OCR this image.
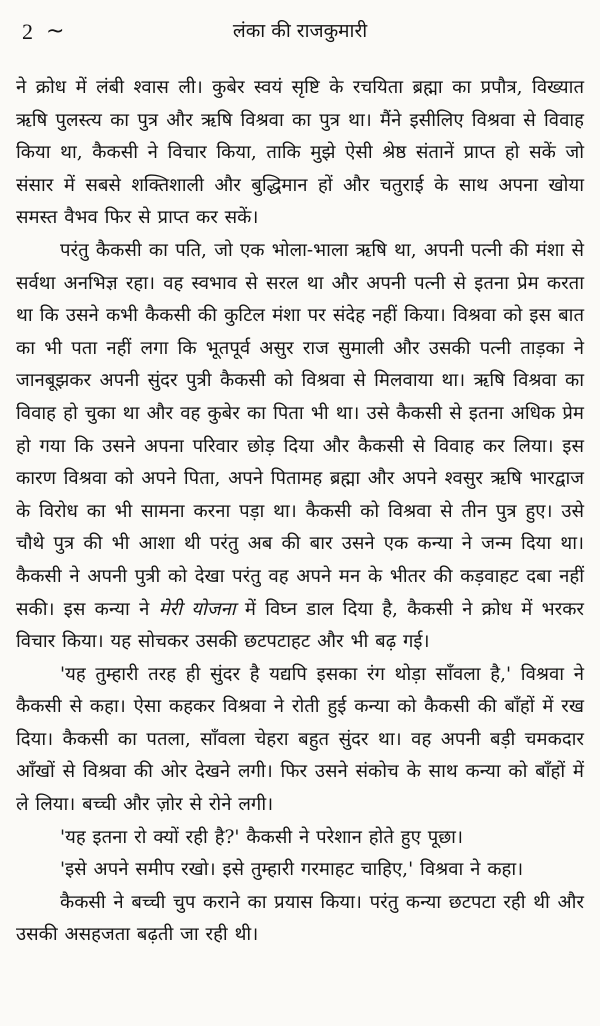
2 ~	लंका की राजकुमारी

ने क्रोध में लंबी श्वास ली। कुबेर स्वयं सृष्टि के रचयिता ब्रह्मा का प्रपौत्र, विख्यात ऋषि पुलस्त्य का पुत्र और ऋषि विश्रवा का पुत्र था। मैंने इसीलिए विश्रवा से विवाह किया था, कैकसी ने विचार किया, ताकि मुझे ऐसी श्रेष्ठ संतानें प्राप्त हो सकें जो संसार में सबसे शक्तिशाली और बुद्धिमान हों और चतुराई के साथ अपना खोया समस्त वैभव फिर से प्राप्त कर सकें।

परंतु कैकसी का पति, जो एक भोला-भाला ऋषि था, अपनी पत्नी की मंशा से सर्वथा अनभिज्ञ रहा। वह स्वभाव से सरल था और अपनी पत्नी से इतना प्रेम करता था कि उसने कभी कैकसी की कुटिल मंशा पर संदेह नहीं किया। विश्रवा को इस बात का भी पता नहीं लगा कि भूतपूर्व असुर राज सुमाली और उसकी पत्नी ताड़का ने जानबूझकर अपनी सुंदर पुत्री कैकसी को विश्रवा से मिलवाया था। ऋषि विश्रवा का विवाह हो चुका था और वह कुबेर का पिता भी था। उसे कैकसी से इतना अधिक प्रेम हो गया कि उसने अपना परिवार छोड़ दिया और कैकसी से विवाह कर लिया। इस कारण विश्रवा को अपने पिता, अपने पितामह ब्रह्मा और अपने श्वसुर ऋषि भारद्वाज के विरोध का भी सामना करना पड़ा था। कैकसी को विश्रवा से तीन पुत्र हुए। उसे चौथे पुत्र की भी आशा थी परंतु अब की बार उसने एक कन्या ने जन्म दिया था। कैकसी ने अपनी पुत्री को देखा परंतु वह अपने मन के भीतर की कड़वाहट दबा नहीं सकी। इस कन्या ने मेरी योजना में विघ्न डाल दिया है, कैकसी ने क्रोध में भरकर विचार किया। यह सोचकर उसकी छटपटाहट और भी बढ़ गई।

'यह तुम्हारी तरह ही सुंदर है यद्यपि इसका रंग थोड़ा साँवला है,' विश्रवा ने कैकसी से कहा। ऐसा कहकर विश्रवा ने रोती हुई कन्या को कैकसी की बाँहों में रख दिया। कैकसी का पतला, साँवला चेहरा बहुत सुंदर था। वह अपनी बड़ी चमकदार आँखों से विश्रवा की ओर देखने लगी। फिर उसने संकोच के साथ कन्या को बाँहों में ले लिया। बच्ची और ज़ोर से रोने लगी।

'यह इतना रो क्यों रही है?' कैकसी ने परेशान होते हुए पूछा।

'इसे अपने समीप रखो। इसे तुम्हारी गरमाहट चाहिए,' विश्रवा ने कहा।

कैकसी ने बच्ची चुप कराने का प्रयास किया। परंतु कन्या छटपटा रही थी और उसकी असहजता बढ़ती जा रही थी।
